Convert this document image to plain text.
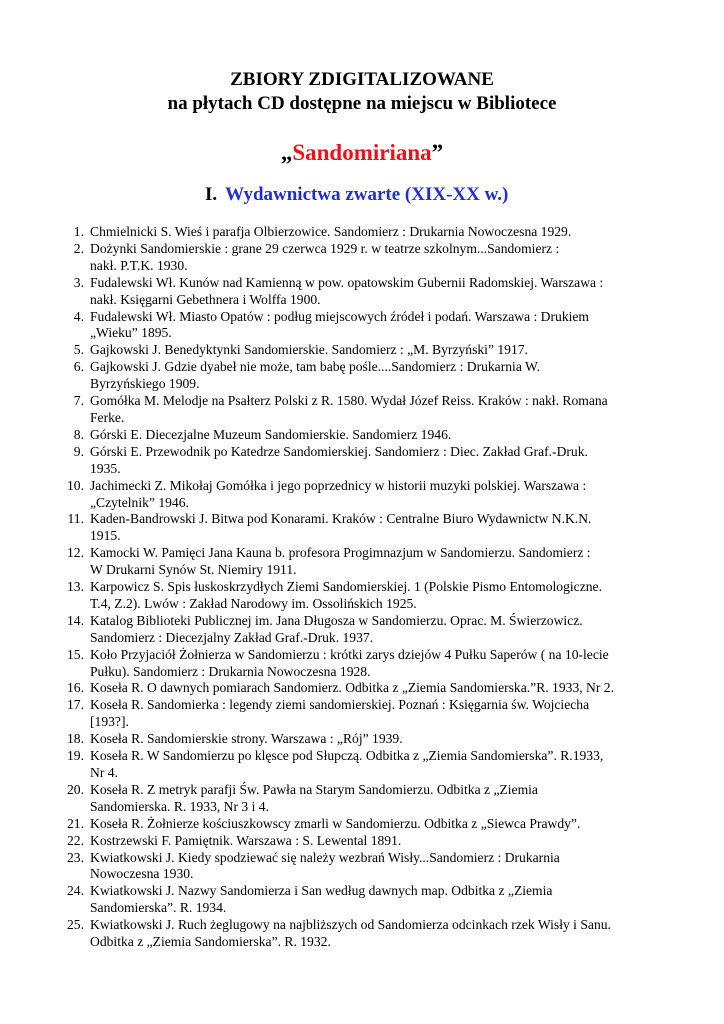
ZBIORY ZDIGITALIZOWANE
na płytach CD dostępne na miejscu w Bibliotece
„Sandomiriana”
I. Wydawnictwa zwarte (XIX-XX w.)
1. Chmielnicki S. Wieś i parafja Olbierzowice. Sandomierz : Drukarnia Nowoczesna 1929.
2. Dożynki Sandomierskie : grane 29 czerwca 1929 r. w teatrze szkolnym...Sandomierz :
nakł. P.T.K. 1930.
3. Fudalewski Wł. Kunów nad Kamienną w pow. opatowskim Gubernii Radomskiej. Warszawa :
nakł. Księgarni Gebethnera i Wolffa 1900.
4. Fudalewski Wł. Miasto Opatów : podług miejscowych źródeł i podań. Warszawa : Drukiem
„Wieku” 1895.
5. Gajkowski J. Benedyktynki Sandomierskie. Sandomierz : „M. Byrzyński” 1917.
6. Gajkowski J. Gdzie dyabeł nie może, tam babę pośle....Sandomierz : Drukarnia W.
Byrzyńskiego 1909.
7. Gomółka M. Melodje na Psałterz Polski z R. 1580. Wydał Józef Reiss. Kraków : nakł. Romana
Ferke.
8. Górski E. Diecezjalne Muzeum Sandomierskie. Sandomierz 1946.
9. Górski E. Przewodnik po Katedrze Sandomierskiej. Sandomierz : Diec. Zakład Graf.-Druk.
1935.
10. Jachimecki Z. Mikołaj Gomółka i jego poprzednicy w historii muzyki polskiej. Warszawa :
„Czytelnik” 1946.
11. Kaden-Bandrowski J. Bitwa pod Konarami. Kraków : Centralne Biuro Wydawnictw N.K.N.
1915.
12. Kamocki W. Pamięci Jana Kauna b. profesora Progimnazjum w Sandomierzu. Sandomierz :
W Drukarni Synów St. Niemiry 1911.
13. Karpowicz S. Spis łuskoskrzydłych Ziemi Sandomierskiej. 1 (Polskie Pismo Entomologiczne.
T.4, Z.2). Lwów : Zakład Narodowy im. Ossolińskich 1925.
14. Katalog Biblioteki Publicznej im. Jana Długosza w Sandomierzu. Oprac. M. Świerzowicz.
Sandomierz : Diecezjalny Zakład Graf.-Druk. 1937.
15. Koło Przyjaciół Żołnierza w Sandomierzu : krótki zarys dziejów 4 Pułku Saperów ( na 10-lecie
Pułku). Sandomierz : Drukarnia Nowoczesna 1928.
16. Koseła R. O dawnych pomiarach Sandomierz. Odbitka z „Ziemia Sandomierska.”R. 1933, Nr 2.
17. Koseła R. Sandomierka : legendy ziemi sandomierskiej. Poznań : Księgarnia św. Wojciecha
[193?].
18. Koseła R. Sandomierskie strony. Warszawa : „Rój” 1939.
19. Koseła R. W Sandomierzu po klęsce pod Słupczą. Odbitka z „Ziemia Sandomierska”. R.1933,
Nr 4.
20. Koseła R. Z metryk parafji Św. Pawła na Starym Sandomierzu. Odbitka z „Ziemia
Sandomierska. R. 1933, Nr 3 i 4.
21. Koseła R. Żołnierze kościuszkowscy zmarli w Sandomierzu. Odbitka z „Siewca Prawdy”.
22. Kostrzewski F. Pamiętnik. Warszawa : S. Lewental 1891.
23. Kwiatkowski J. Kiedy spodziewać się należy wezbrań Wisły...Sandomierz : Drukarnia
Nowoczesna 1930.
24. Kwiatkowski J. Nazwy Sandomierza i San według dawnych map. Odbitka z „Ziemia
Sandomierska”. R. 1934.
25. Kwiatkowski J. Ruch żeglugowy na najbliższych od Sandomierza odcinkach rzek Wisły i Sanu.
Odbitka z „Ziemia Sandomierska”. R. 1932.
